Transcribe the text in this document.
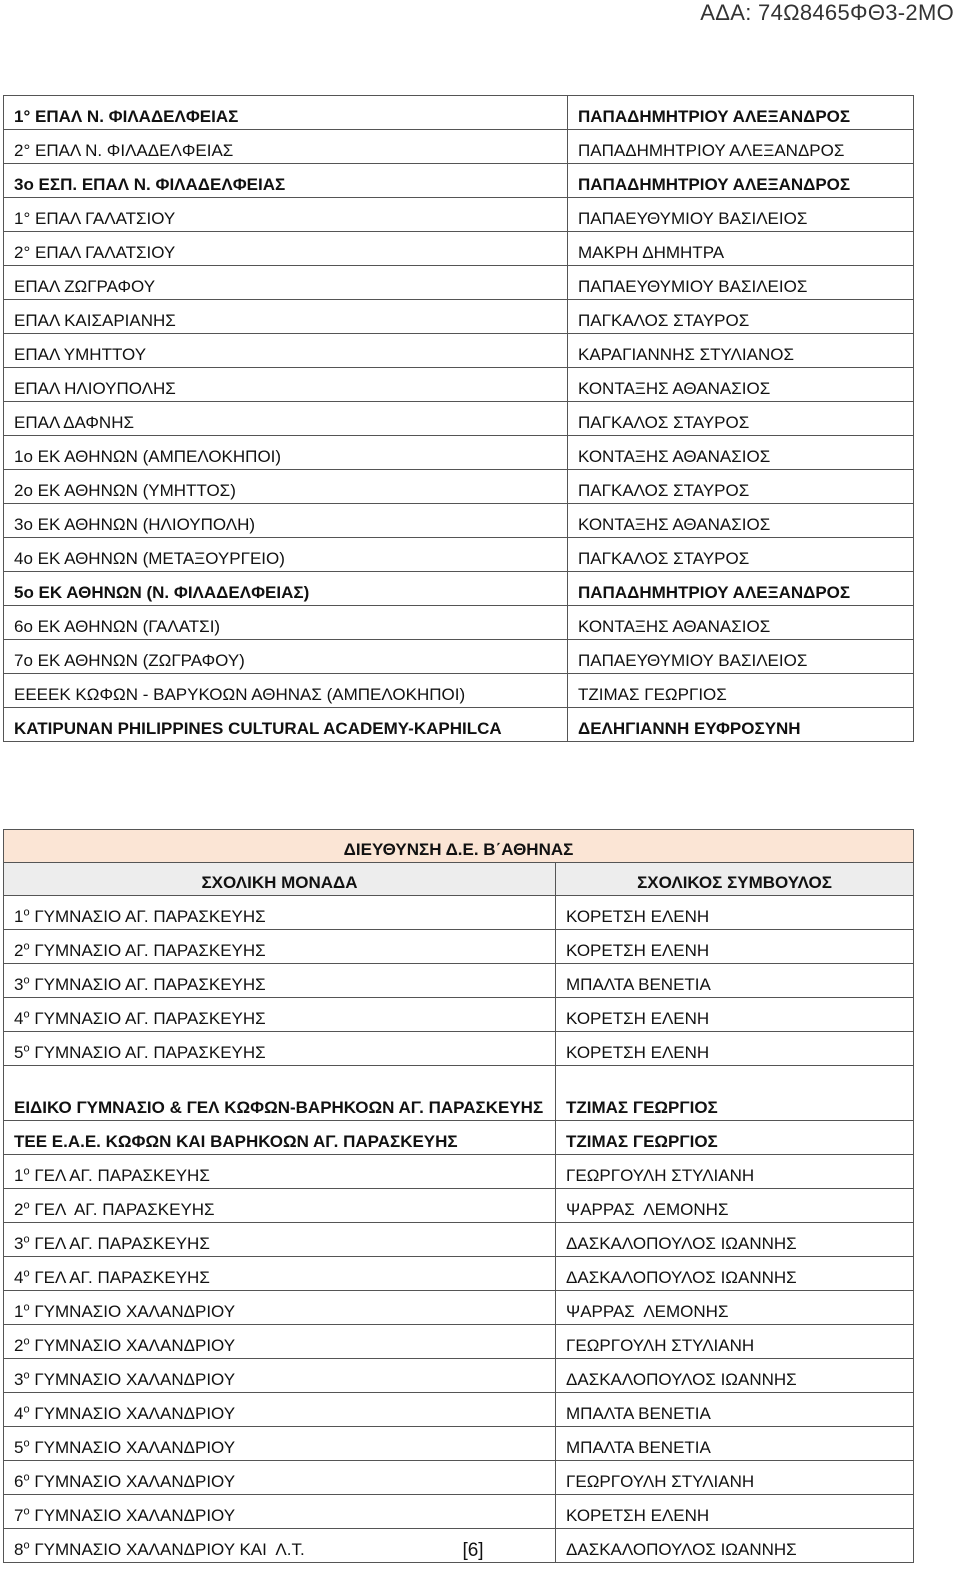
ΑΔΑ: 74Ω8465ΦΘ3-2ΜΟ
1° ΕΠΑΛ Ν. ΦΙΛΑΔΕΛΦΕΙΑΣ	ΠΑΠΑΔΗΜΗΤΡΙΟΥ ΑΛΕΞΑΝΔΡΟΣ
2° ΕΠΑΛ Ν. ΦΙΛΑΔΕΛΦΕΙΑΣ	ΠΑΠΑΔΗΜΗΤΡΙΟΥ ΑΛΕΞΑΝΔΡΟΣ
3ο ΕΣΠ. ΕΠΑΛ Ν. ΦΙΛΑΔΕΛΦΕΙΑΣ	ΠΑΠΑΔΗΜΗΤΡΙΟΥ ΑΛΕΞΑΝΔΡΟΣ
1° ΕΠΑΛ ΓΑΛΑΤΣΙΟΥ	ΠΑΠΑΕΥΘΥΜΙΟΥ ΒΑΣΙΛΕΙΟΣ
2° ΕΠΑΛ ΓΑΛΑΤΣΙΟΥ	ΜΑΚΡΗ ΔΗΜΗΤΡΑ
ΕΠΑΛ ΖΩΓΡΑΦΟΥ	ΠΑΠΑΕΥΘΥΜΙΟΥ ΒΑΣΙΛΕΙΟΣ
ΕΠΑΛ ΚΑΙΣΑΡΙΑΝΗΣ	ΠΑΓΚΑΛΟΣ ΣΤΑΥΡΟΣ
ΕΠΑΛ ΥΜΗΤΤΟΥ	ΚΑΡΑΓΙΑΝΝΗΣ ΣΤΥΛΙΑΝΟΣ
ΕΠΑΛ ΗΛΙΟΥΠΟΛΗΣ	ΚΟΝΤΑΞΗΣ ΑΘΑΝΑΣΙΟΣ
ΕΠΑΛ ΔΑΦΝΗΣ	ΠΑΓΚΑΛΟΣ ΣΤΑΥΡΟΣ
1ο ΕΚ ΑΘΗΝΩΝ (ΑΜΠΕΛΟΚΗΠΟΙ)	ΚΟΝΤΑΞΗΣ ΑΘΑΝΑΣΙΟΣ
2ο ΕΚ ΑΘΗΝΩΝ (ΥΜΗΤΤΟΣ)	ΠΑΓΚΑΛΟΣ ΣΤΑΥΡΟΣ
3ο ΕΚ ΑΘΗΝΩΝ (ΗΛΙΟΥΠΟΛΗ)	ΚΟΝΤΑΞΗΣ ΑΘΑΝΑΣΙΟΣ
4ο ΕΚ ΑΘΗΝΩΝ (ΜΕΤΑΞΟΥΡΓΕΙΟ)	ΠΑΓΚΑΛΟΣ ΣΤΑΥΡΟΣ
5ο ΕΚ ΑΘΗΝΩΝ (Ν. ΦΙΛΑΔΕΛΦΕΙΑΣ)	ΠΑΠΑΔΗΜΗΤΡΙΟΥ ΑΛΕΞΑΝΔΡΟΣ
6ο ΕΚ ΑΘΗΝΩΝ (ΓΑΛΑΤΣΙ)	ΚΟΝΤΑΞΗΣ ΑΘΑΝΑΣΙΟΣ
7ο ΕΚ ΑΘΗΝΩΝ (ΖΩΓΡΑΦΟΥ)	ΠΑΠΑΕΥΘΥΜΙΟΥ ΒΑΣΙΛΕΙΟΣ
ΕΕΕΕΚ ΚΩΦΩΝ - ΒΑΡΥΚΟΩΝ ΑΘΗΝΑΣ (ΑΜΠΕΛΟΚΗΠΟΙ)	ΤΖΙΜΑΣ ΓΕΩΡΓΙΟΣ
KATIPUNAN PHILIPPINES CULTURAL ACADEMY-KAPHILCA	ΔΕΛΗΓΙΑΝΝΗ ΕΥΦΡΟΣΥΝΗ
ΔΙΕΥΘΥΝΣΗ Δ.Ε. Β΄ΑΘΗΝΑΣ	
ΣΧΟΛΙΚΗ ΜΟΝΑΔΑ	ΣΧΟΛΙΚΟΣ ΣΥΜΒΟΥΛΟΣ
$1^o$ ΓΥΜΝΑΣΙΟ ΑΓ. ΠΑΡΑΣΚΕΥΗΣ	ΚΟΡΕΤΣΗ ΕΛΕΝΗ
$2^o$ ΓΥΜΝΑΣΙΟ ΑΓ. ΠΑΡΑΣΚΕΥΗΣ	ΚΟΡΕΤΣΗ ΕΛΕΝΗ
$3^o$ ΓΥΜΝΑΣΙΟ ΑΓ. ΠΑΡΑΣΚΕΥΗΣ	ΜΠΑΛΤΑ ΒΕΝΕΤΙΑ
$4^o$ ΓΥΜΝΑΣΙΟ ΑΓ. ΠΑΡΑΣΚΕΥΗΣ	ΚΟΡΕΤΣΗ ΕΛΕΝΗ
$5^o$ ΓΥΜΝΑΣΙΟ ΑΓ. ΠΑΡΑΣΚΕΥΗΣ	ΚΟΡΕΤΣΗ ΕΛΕΝΗ
ΕΙΔΙΚΟ ΓΥΜΝΑΣΙΟ & ΓΕΛ ΚΩΦΩΝ-ΒΑΡΗΚΟΩΝ ΑΓ. ΠΑΡΑΣΚΕΥΗΣ	ΤΖΙΜΑΣ ΓΕΩΡΓΙΟΣ
ΤΕΕ Ε.Α.Ε. ΚΩΦΩΝ ΚΑΙ ΒΑΡΗΚΟΩΝ ΑΓ. ΠΑΡΑΣΚΕΥΗΣ	ΤΖΙΜΑΣ ΓΕΩΡΓΙΟΣ
$1^o$ ΓΕΛ ΑΓ. ΠΑΡΑΣΚΕΥΗΣ	ΓΕΩΡΓΟΥΛΗ ΣΤΥΛΙΑΝΗ
$2^o$ ΓΕΛ  ΑΓ. ΠΑΡΑΣΚΕΥΗΣ	ΨΑΡΡΑΣ  ΛΕΜΟΝΗΣ
$3^o$ ΓΕΛ ΑΓ. ΠΑΡΑΣΚΕΥΗΣ	ΔΑΣΚΑΛΟΠΟΥΛΟΣ ΙΩΑΝΝΗΣ
$4^o$ ΓΕΛ ΑΓ. ΠΑΡΑΣΚΕΥΗΣ	ΔΑΣΚΑΛΟΠΟΥΛΟΣ ΙΩΑΝΝΗΣ
$1^o$ ΓΥΜΝΑΣΙΟ ΧΑΛΑΝΔΡΙΟΥ	ΨΑΡΡΑΣ  ΛΕΜΟΝΗΣ
$2^o$ ΓΥΜΝΑΣΙΟ ΧΑΛΑΝΔΡΙΟΥ	ΓΕΩΡΓΟΥΛΗ ΣΤΥΛΙΑΝΗ
$3^o$ ΓΥΜΝΑΣΙΟ ΧΑΛΑΝΔΡΙΟΥ	ΔΑΣΚΑΛΟΠΟΥΛΟΣ ΙΩΑΝΝΗΣ
$4^o$ ΓΥΜΝΑΣΙΟ ΧΑΛΑΝΔΡΙΟΥ	ΜΠΑΛΤΑ ΒΕΝΕΤΙΑ
$5^o$ ΓΥΜΝΑΣΙΟ ΧΑΛΑΝΔΡΙΟΥ	ΜΠΑΛΤΑ ΒΕΝΕΤΙΑ
$6^o$ ΓΥΜΝΑΣΙΟ ΧΑΛΑΝΔΡΙΟΥ	ΓΕΩΡΓΟΥΛΗ ΣΤΥΛΙΑΝΗ
$7^o$ ΓΥΜΝΑΣΙΟ ΧΑΛΑΝΔΡΙΟΥ	ΚΟΡΕΤΣΗ ΕΛΕΝΗ
$8^o$ ΓΥΜΝΑΣΙΟ ΧΑΛΑΝΔΡΙΟΥ ΚΑΙ  Λ.Τ.	ΔΑΣΚΑΛΟΠΟΥΛΟΣ ΙΩΑΝΝΗΣ
[6]
